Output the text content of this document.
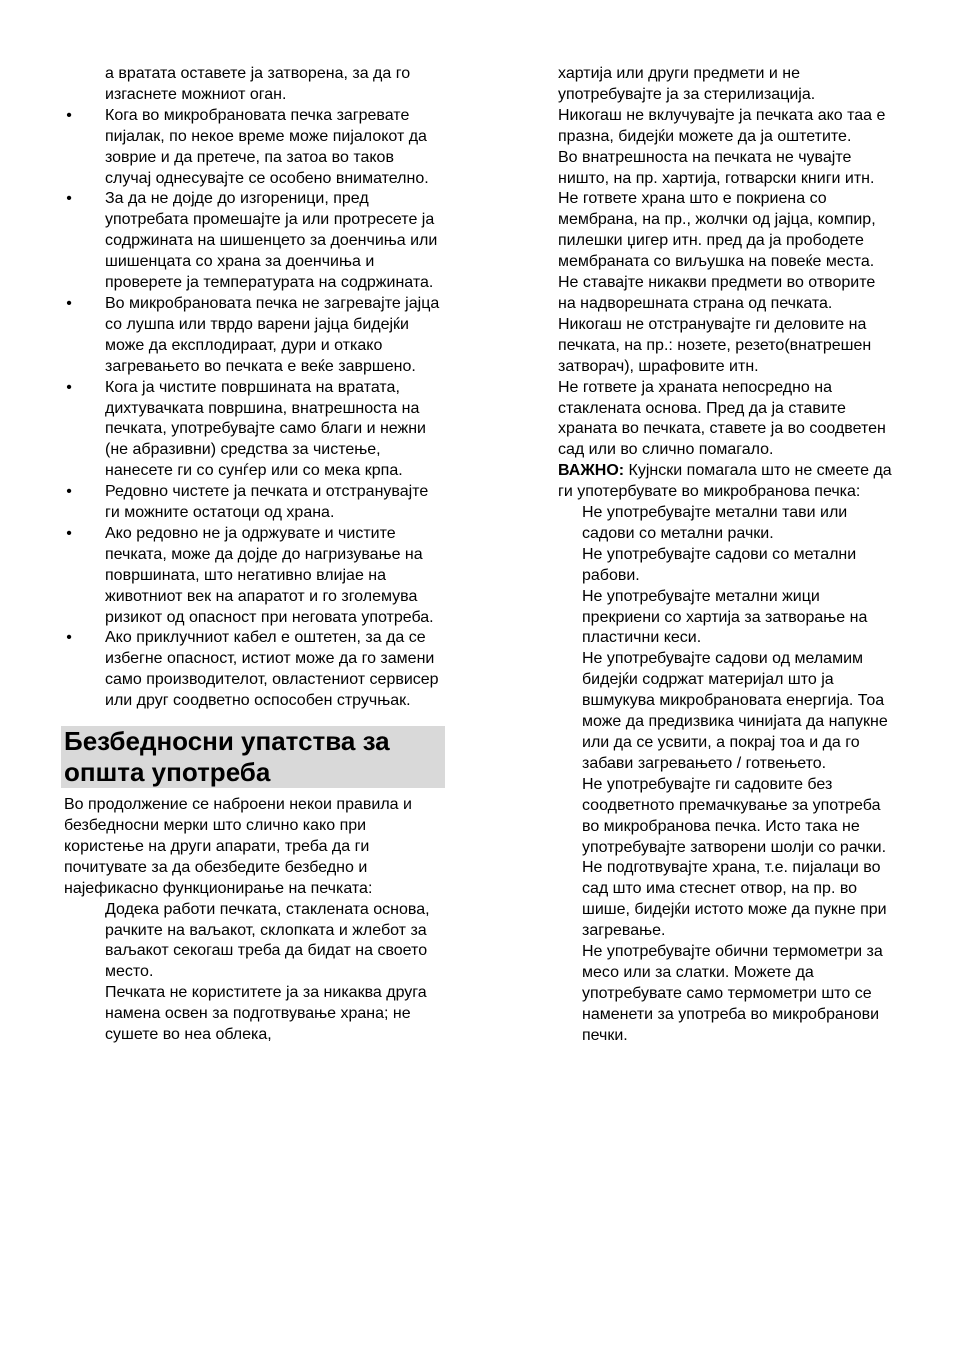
а вратата оставете ја затворена, за да го изгаснете можниот оган.

• Кога во микробрановата печка загревате пијалак, по некое време може пијалокот да зоврие и да претече, па затоа во таков случај однесувајте се особено внимателно.

• За да не дојде до изгореници, пред употребата промешајте ја или протресете ја содржината на шишенцето за доенчиња или шишенцата со храна за доенчиња и проверете ја температурата на содржината.

• Во микробрановата печка не загревајте јајца со лушпа или тврдо варени јајца бидејќи може да експлодираат, дури и откако загревањето во печката е веќе завршено.

• Кога ја чистите површината на вратата, дихтувачката површина, внатрешноста на печката, употребувајте само благи и нежни (не абразивни) средства за чистење, нанесете ги со сунѓер или со мека крпа.

• Редовно чистете ја печката и отстранувајте ги можните остатоци од храна.

• Ако редовно не ја одржувате и чистите печката, може да дојде до нагризување на површината, што негативно влијае на животниот век на апаратот и го зголемува ризикот од опасност при неговата употреба.

• Ако приклучниот кабел е оштетен, за да се избегне опасност, истиот може да го замени само производителот, овластениот сервисер или друг соодветно оспособен стручњак.

Безбедносни упатства за општа употреба

Во продолжение се наброени некои правила и безбедносни мерки што слично како при користење на други апарати, треба да ги почитувате за да обезбедите безбедно и најефикасно функционирање на печката:

Додека работи печката, стаклената основа, рачките на ваљакот, склопката и жлебот за ваљакот секогаш треба да бидат на своето место.

Печката не користитете ја за никаква друга намена освен за подготвување храна; не сушете во неа облека,

хартија или други предмети и не употребувајте ја за стерилизација.

Никогаш не вклучувајте ја печката ако таа е празна, бидејќи можете да ја оштетите.

Во внатрешноста на печката не чувајте ништо, на пр. хартија, готварски книги итн.

Не гответе храна што е покриена со мембрана, на пр., жолчки од јајца, компир, пилешки џигер итн. пред да ја прободете мембраната со виљушка на повеќе места.

Не ставајте никакви предмети во отворите на надворешната страна од печката.

Никогаш не отстранувајте ги деловите на печката, на пр.: нозете, резето(внатрешен затворач), шрафовите итн.

Не гответе ја храната непосредно на стаклената основа. Пред да ја ставите храната во печката, ставете ја во соодветен сад или во слично помагало.

ВАЖНО: Кујнски помагала што не смеете да ги употербувате во микробранова печка:

Не употребувајте метални тави или садови со метални рачки.

Не употребувајте садови со метални рабови.

Не употребувајте метални жици прекриени со хартија за затворање на пластични кеси.

Не употребувајте садови од меламим бидејќи содржат материјал што ја вшмукува микробрановата енергија. Тоа може да предизвика чинијата да напукне или да се усвити, а покрај тоа и да го забави загревањето / готвењето.

Не употребувајте ги садовите без соодветното премачкување за употреба во микробранова печка. Исто така не употребувајте затворени шолји со рачки.

Не подготвувајте храна, т.е. пијалаци во сад што има стеснет отвор, на пр. во шише, бидејќи истото може да пукне при загревање.

Не употребувајте обични термометри за месо или за слатки. Можете да употребувате само термометри што се наменети за употреба во микробранови печки.
